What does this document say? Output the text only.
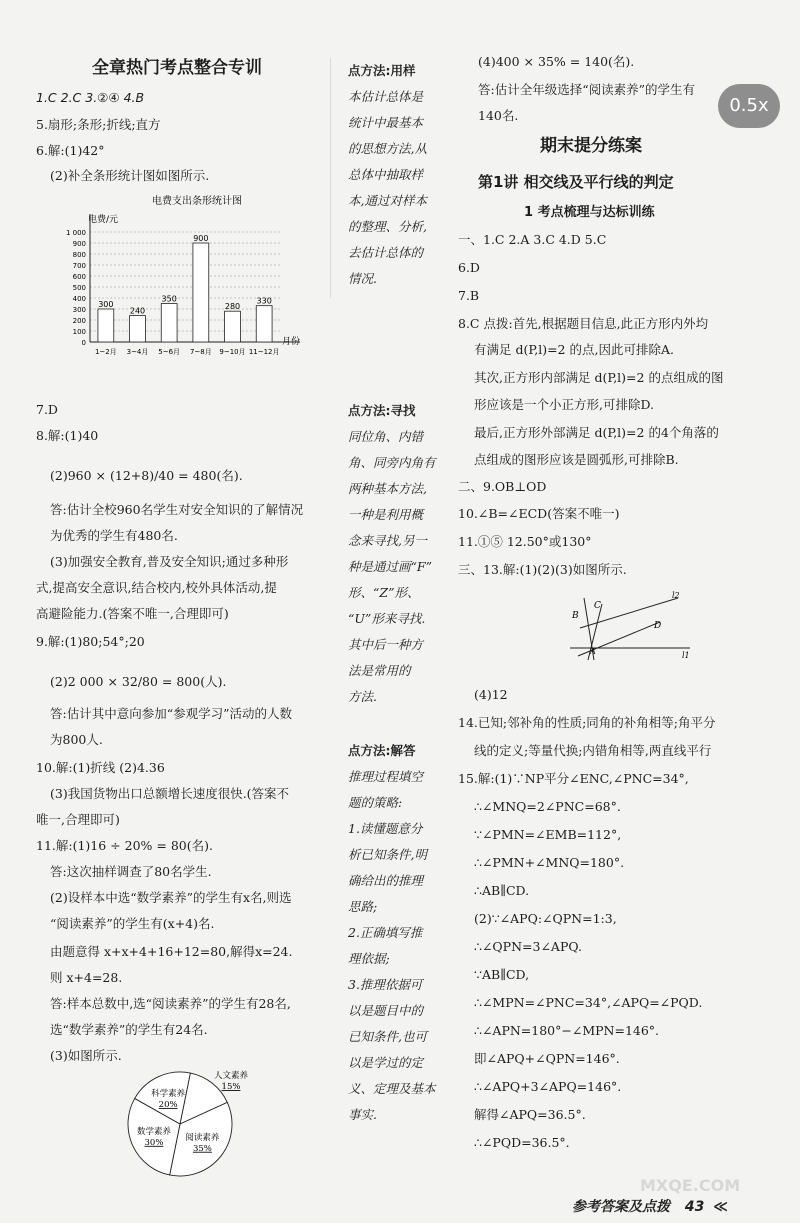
全章热门考点整合专训
1.C 2.C 3.②④ 4.B
5.扇形;条形;折线;直方
6.解:(1)42°
(2)补全条形统计图如图所示.
电费支出条形统计图
电费/元
月份
0
100
200
300
400
500
600
700
800
900
1 000
300
1~2月
240
3~4月
350
5~6月
900
7~8月
280
9~10月
330
11~12月
7.D
8.解:(1)40
(2)960 × (12+8)/40 = 480(名).
答:估计全校960名学生对安全知识的了解情况
为优秀的学生有480名.
(3)加强安全教育,普及安全知识;通过多种形
式,提高安全意识,结合校内,校外具体活动,提
高避险能力.(答案不唯一,合理即可)
9.解:(1)80;54°;20
(2)2 000 × 32/80 = 800(人).
答:估计其中意向参加“参观学习”活动的人数
为800人.
10.解:(1)折线 (2)4.36
(3)我国货物出口总额增长速度很快.(答案不
唯一,合理即可)
11.解:(1)16 ÷ 20% = 80(名).
答:这次抽样调查了80名学生.
(2)设样本中选“数学素养”的学生有x名,则选
“阅读素养”的学生有(x+4)名.
由题意得 x+x+4+16+12=80,解得x=24.
则 x+4=28.
答:样本总数中,选“阅读素养”的学生有28名,
选“数学素养”的学生有24名.
(3)如图所示.
人文素养
15%
阅读素养
35%
数学素养
30%
科学素养
20%
点方法:用样
本估计总体是
统计中最基本
的思想方法,从
总体中抽取样
本,通过对样本
的整理、分析,
去估计总体的
情况.
点方法:寻找
同位角、内错
角、同旁内角有
两种基本方法,
一种是利用概
念来寻找,另一
种是通过画“F”
形、“Z”形、
“U”形来寻找.
其中后一种方
法是常用的
方法.
点方法:解答
推理过程填空
题的策略:
1.读懂题意分
析已知条件,明
确给出的推理
思路;
2.正确填写推
理依据;
3.推理依据可
以是题目中的
已知条件,也可
以是学过的定
义、定理及基本
事实.
(4)400 × 35% = 140(名).
答:估计全年级选择“阅读素养”的学生有
140名.
期末提分练案
第1讲 相交线及平行线的判定
1 考点梳理与达标训练
一、1.C 2.A 3.C 4.D 5.C
6.D
7.B
8.C 点拨:首先,根据题目信息,此正方形内外均
有满足 d(P,l)=2 的点,因此可排除A.
其次,正方形内部满足 d(P,l)=2 的点组成的图
形应该是一个小正方形,可排除D.
最后,正方形外部满足 d(P,l)=2 的4个角落的
点组成的图形应该是圆弧形,可排除B.
二、9.OB⊥OD
10.∠B=∠ECD(答案不唯一)
11.①⑤ 12.50°或130°
三、13.解:(1)(2)(3)如图所示.
B
C
D
A	l1
l2
(4)12
14.已知;邻补角的性质;同角的补角相等;角平分
线的定义;等量代换;内错角相等,两直线平行
15.解:(1)∵NP平分∠ENC,∠PNC=34°,
∴∠MNQ=2∠PNC=68°.
∵∠PMN=∠EMB=112°,
∴∠PMN+∠MNQ=180°.
∴AB∥CD.
(2)∵∠APQ:∠QPN=1:3,
∴∠QPN=3∠APQ.
∵AB∥CD,
∴∠MPN=∠PNC=34°,∠APQ=∠PQD.
∴∠APN=180°−∠MPN=146°.
即∠APQ+∠QPN=146°.
∴∠APQ+3∠APQ=146°.
解得∠APQ=36.5°.
∴∠PQD=36.5°.
MXQE.COM
参考答案及点拨 43 ≪
0.5x
